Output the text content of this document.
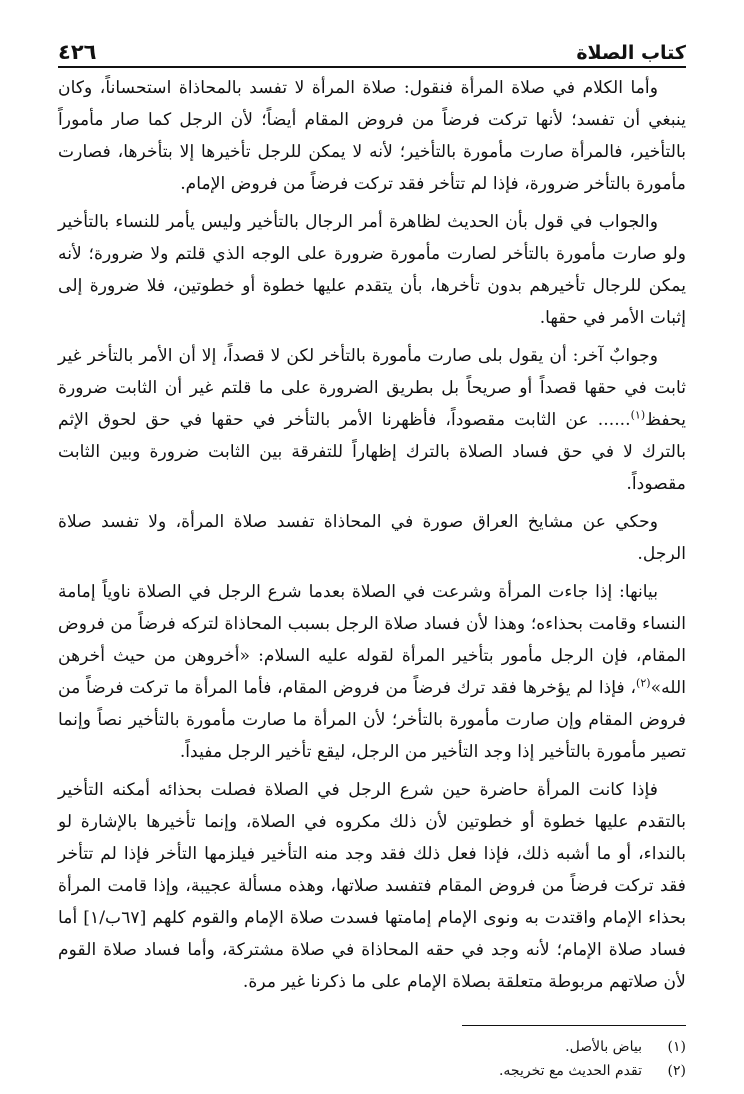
كتاب الصلاة
٤٢٦

وأما الكلام في صلاة المرأة فنقول: صلاة المرأة لا تفسد بالمحاذاة استحساناً، وكان ينبغي أن تفسد؛ لأنها تركت فرضاً من فروض المقام أيضاً؛ لأن الرجل كما صار مأموراً بالتأخير، فالمرأة صارت مأمورة بالتأخير؛ لأنه لا يمكن للرجل تأخيرها إلا بتأخرها، فصارت مأمورة بالتأخر ضرورة، فإذا لم تتأخر فقد تركت فرضاً من فروض الإمام.

والجواب في قول بأن الحديث لظاهرة أمر الرجال بالتأخير وليس يأمر للنساء بالتأخير ولو صارت مأمورة بالتأخر لصارت مأمورة ضرورة على الوجه الذي قلتم ولا ضرورة؛ لأنه يمكن للرجال تأخيرهم بدون تأخرها، بأن يتقدم عليها خطوة أو خطوتين، فلا ضرورة إلى إثبات الأمر في حقها.

وجوابٌ آخر: أن يقول بلى صارت مأمورة بالتأخر لكن لا قصداً، إلا أن الأمر بالتأخر غير ثابت في حقها قصداً أو صريحاً بل بطريق الضرورة على ما قلتم غير أن الثابت ضرورة يحفظ$^{(١)}$...... عن الثابت مقصوداً، فأظهرنا الأمر بالتأخر في حقها في حق لحوق الإثم بالترك لا في حق فساد الصلاة بالترك إظهاراً للتفرقة بين الثابت ضرورة وبين الثابت مقصوداً.

وحكي عن مشايخ العراق صورة في المحاذاة تفسد صلاة المرأة، ولا تفسد صلاة الرجل.

بيانها: إذا جاءت المرأة وشرعت في الصلاة بعدما شرع الرجل في الصلاة ناوياً إمامة النساء وقامت بحذاءه؛ وهذا لأن فساد صلاة الرجل بسبب المحاذاة لتركه فرضاً من فروض المقام، فإن الرجل مأمور بتأخير المرأة لقوله عليه السلام: «أخروهن من حيث أخرهن الله»$^{(٢)}$، فإذا لم يؤخرها فقد ترك فرضاً من فروض المقام، فأما المرأة ما تركت فرضاً من فروض المقام وإن صارت مأمورة بالتأخر؛ لأن المرأة ما صارت مأمورة بالتأخير نصاً وإنما تصير مأمورة بالتأخير إذا وجد التأخير من الرجل، ليقع تأخير الرجل مفيداً.

فإذا كانت المرأة حاضرة حين شرع الرجل في الصلاة فصلت بحذائه أمكنه التأخير بالتقدم عليها خطوة أو خطوتين لأن ذلك مكروه في الصلاة، وإنما تأخيرها بالإشارة لو بالنداء، أو ما أشبه ذلك، فإذا فعل ذلك فقد وجد منه التأخير فيلزمها التأخر فإذا لم تتأخر فقد تركت فرضاً من فروض المقام فتفسد صلاتها، وهذه مسألة عجيبة، وإذا قامت المرأة بحذاء الإمام واقتدت به ونوى الإمام إمامتها فسدت صلاة الإمام والقوم كلهم [٦٧ب/١] أما فساد صلاة الإمام؛ لأنه وجد في حقه المحاذاة في صلاة مشتركة، وأما فساد صلاة القوم لأن صلاتهم مربوطة متعلقة بصلاة الإمام على ما ذكرنا غير مرة.

(١)
بياض بالأصل.
(٢)
تقدم الحديث مع تخريجه.
